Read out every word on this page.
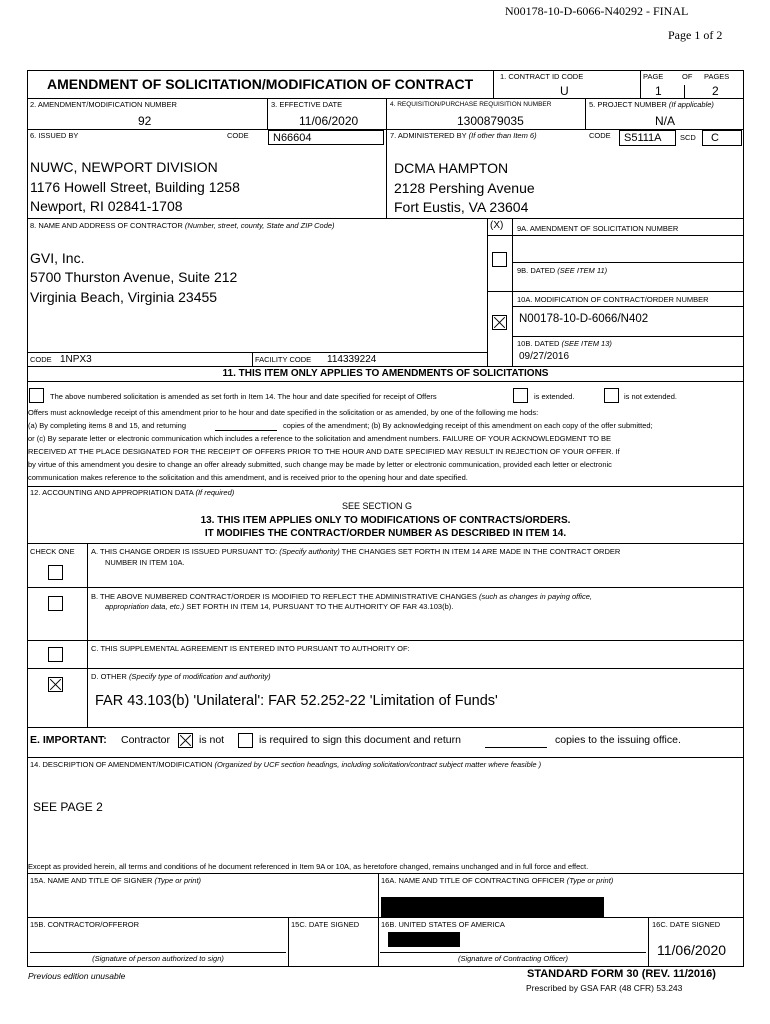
N00178-10-D-6066-N40292 - FINAL
Page 1 of 2
AMENDMENT OF SOLICITATION/MODIFICATION OF CONTRACT	1. CONTRACT ID CODE
U
PAGE OF PAGES
1	2
2. AMENDMENT/MODIFICATION NUMBER
92
3. EFFECTIVE DATE
11/06/2020
4. REQUISITION/PURCHASE REQUISITION NUMBER
1300879035
5. PROJECT NUMBER (If applicable)
N/A
6. ISSUED BY	CODE N66604
NUWC, NEWPORT DIVISION
1176 Howell Street, Building 1258
Newport, RI 02841-1708
7. ADMINISTERED BY (If other than Item 6)	CODE S5111A SCD C
DCMA HAMPTON
2128 Pershing Avenue
Fort Eustis, VA 23604
8. NAME AND ADDRESS OF CONTRACTOR (Number, street, county, State and ZIP Code)
GVI, Inc.
5700 Thurston Avenue, Suite 212
Virginia Beach, Virginia 23455
CODE 1NPX3	FACILITY CODE 114339224
(X) 9A. AMENDMENT OF SOLICITATION NUMBER
9B. DATED (SEE ITEM 11)
10A. MODIFICATION OF CONTRACT/ORDER NUMBER
N00178-10-D-6066/N402
10B. DATED (SEE ITEM 13)
09/27/2016
11. THIS ITEM ONLY APPLIES TO AMENDMENTS OF SOLICITATIONS
The above numbered solicitation is amended as set forth in Item 14. The hour and date specified for receipt of Offers	is extended.	is not extended.
Offers must acknowledge receipt of this amendment prior to he hour and date specified in the solicitation or as amended, by one of the following me hods:
(a) By completing items 8 and 15, and returning	copies of the amendment; (b) By acknowledging receipt of this amendment on each copy of the offer submitted;
or (c) By separate letter or electronic communication which includes a reference to the solicitation and amendment numbers. FAILURE OF YOUR ACKNOWLEDGMENT TO BE
RECEIVED AT THE PLACE DESIGNATED FOR THE RECEIPT OF OFFERS PRIOR TO THE HOUR AND DATE SPECIFIED MAY RESULT IN REJECTION OF YOUR OFFER. If
by virtue of this amendment you desire to change an offer already submitted, such change may be made by letter or electronic communication, provided each letter or electronic
communication makes reference to the solicitation and this amendment, and is received prior to the opening hour and date specified.
12. ACCOUNTING AND APPROPRIATION DATA (If required)
SEE SECTION G
13. THIS ITEM APPLIES ONLY TO MODIFICATIONS OF CONTRACTS/ORDERS.
IT MODIFIES THE CONTRACT/ORDER NUMBER AS DESCRIBED IN ITEM 14.
CHECK ONE A. THIS CHANGE ORDER IS ISSUED PURSUANT TO: (Specify authority) THE CHANGES SET FORTH IN ITEM 14 ARE MADE IN THE CONTRACT ORDER
NUMBER IN ITEM 10A.
B. THE ABOVE NUMBERED CONTRACT/ORDER IS MODIFIED TO REFLECT THE ADMINISTRATIVE CHANGES (such as changes in paying office,
appropriation data, etc.) SET FORTH IN ITEM 14, PURSUANT TO THE AUTHORITY OF FAR 43.103(b).
C. THIS SUPPLEMENTAL AGREEMENT IS ENTERED INTO PURSUANT TO AUTHORITY OF:
D. OTHER (Specify type of modification and authority)
FAR 43.103(b) 'Unilateral': FAR 52.252-22 'Limitation of Funds'
E. IMPORTANT: Contractor	is not	is required to sign this document and return	copies to the issuing office.
14. DESCRIPTION OF AMENDMENT/MODIFICATION (Organized by UCF section headings, including solicitation/contract subject matter where feasible )
SEE PAGE 2
Except as provided herein, all terms and conditions of he document referenced in Item 9A or 10A, as heretofore changed, remains unchanged and in full force and effect.
15A. NAME AND TITLE OF SIGNER (Type or print)	16A. NAME AND TITLE OF CONTRACTING OFFICER (Type or print)
15B. CONTRACTOR/OFFEROR	15C. DATE SIGNED	16B. UNITED STATES OF AMERICA	16C. DATE SIGNED
11/06/2020
(Signature of person authorized to sign)	(Signature of Contracting Officer)
Previous edition unusable	STANDARD FORM 30 (REV. 11/2016)
Prescribed by GSA FAR (48 CFR) 53.243
